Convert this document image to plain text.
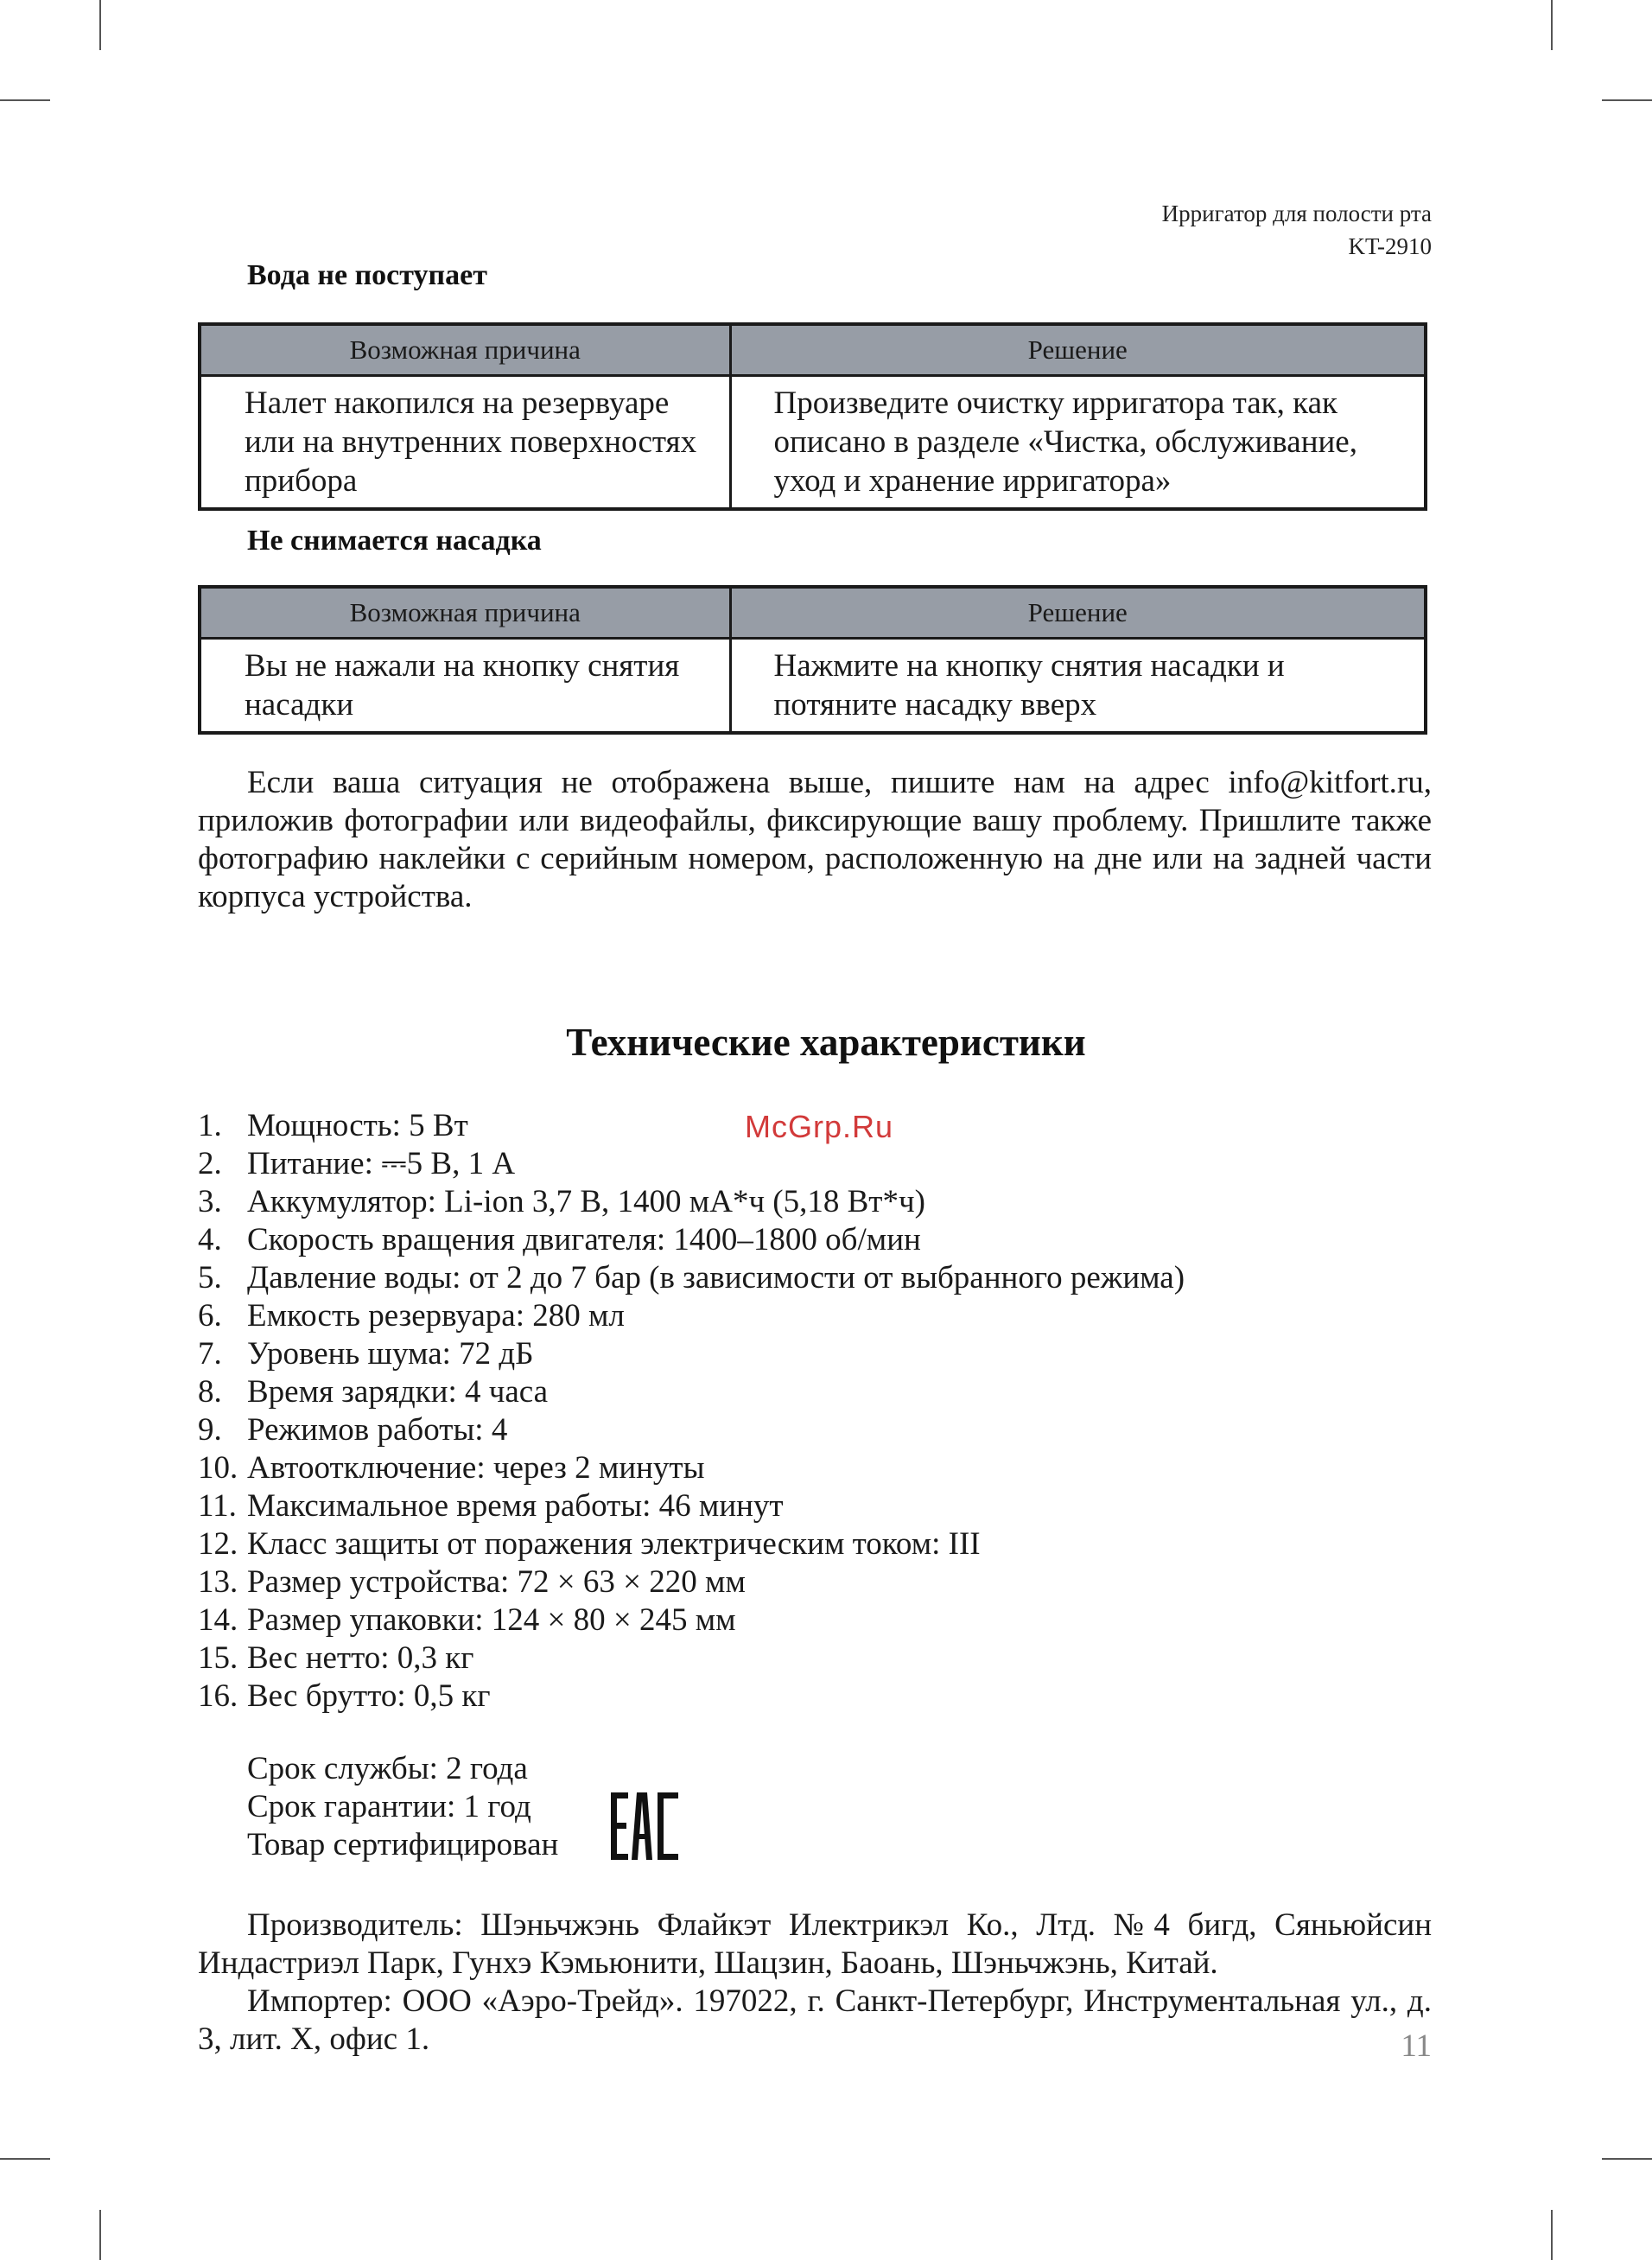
Ирригатор для полости рта
KT-2910
Вода не поступает
Возможная причина	Решение
Налет накопился на резервуаре или на внутренних поверхностях прибора	Произведите очистку ирригатора так, как описано в разделе «Чистка, обслуживание, уход и хранение ирригатора»
Не снимается насадка
Возможная причина	Решение
Вы не нажали на кнопку снятия насадки	Нажмите на кнопку снятия насадки и потяните насадку вверх

Если ваша ситуация не отображена выше, пишите нам на адрес info@kitfort.ru, приложив фотографии или видеофайлы, фиксирующие вашу проблему. Пришлите также фотографию наклейки с серийным номером, расположенную на дне или на задней части корпуса устройства.

Технические характеристики
McGrp.Ru
1. Мощность: 5 Вт
2. Питание: ⎓5 В, 1 А
3. Аккумулятор: Li-ion 3,7 В, 1400 мА*ч (5,18 Вт*ч)
4. Скорость вращения двигателя: 1400–1800 об/мин
5. Давление воды: от 2 до 7 бар (в зависимости от выбранного режима)
6. Емкость резервуара: 280 мл
7. Уровень шума: 72 дБ
8. Время зарядки: 4 часа
9. Режимов работы: 4
10. Автоотключение: через 2 минуты
11. Максимальное время работы: 46 минут
12. Класс защиты от поражения электрическим током: III
13. Размер устройства: 72 × 63 × 220 мм
14. Размер упаковки: 124 × 80 × 245 мм
15. Вес нетто: 0,3 кг
16. Вес брутто: 0,5 кг
Срок службы: 2 года
Срок гарантии: 1 год
Товар сертифицирован

Производитель: Шэньчжэнь Флайкэт Илектрикэл Ко., Лтд. №4 бигд, Сяньюйсин Индастриэл Парк, Гунхэ Кэмьюнити, Шацзин, Баоань, Шэньчжэнь, Китай.

Импортер: ООО «Аэро-Трейд». 197022, г. Санкт-Петербург, Инструментальная ул., д. 3, лит. Х, офис 1.	11
